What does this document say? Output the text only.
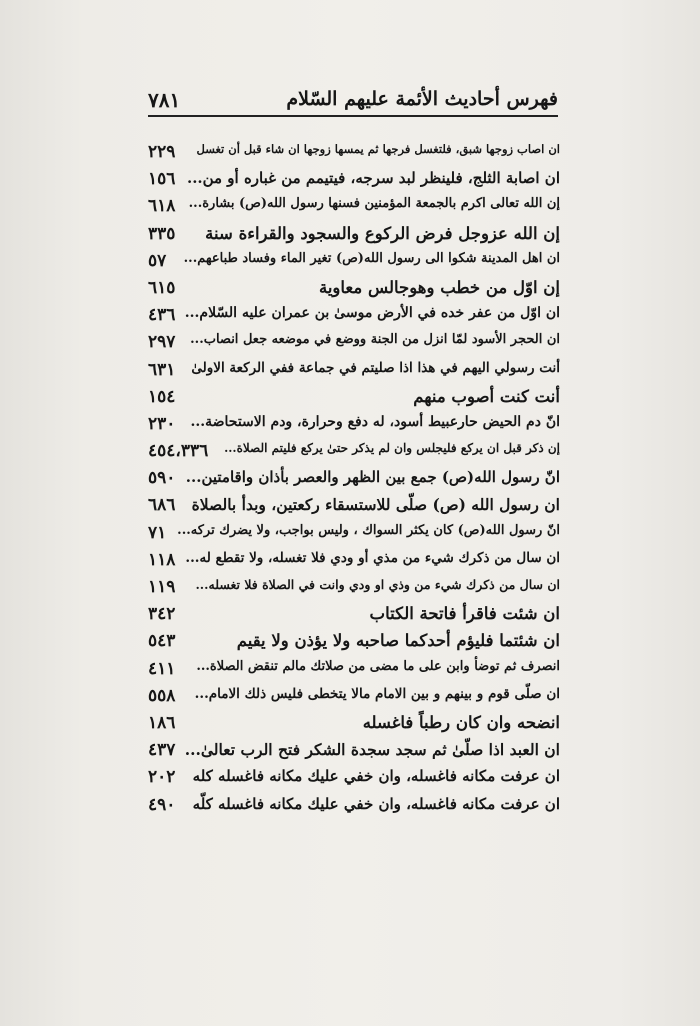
فهرس أحاديث الأئمة عليهم السّلام
٧٨١
ان اصاب زوجها شبق، فلتغسل فرجها ثم يمسها زوجها ان شاء قبل أن تغسل
٢٢٩
ان اصابة الثلج، فلينظر لبد سرجه، فيتيمم من غباره أو من...
١٥٦
إن الله تعالى اكرم بالجمعة المؤمنين فسنها رسول الله(ص) بشارة...
٦١٨
إن الله عزوجل فرض الركوع والسجود والقراءة سنة
٣٣٥
ان اهل المدينة شكوا الى رسول الله(ص) تغير الماء وفساد طباعهم...
٥٧
إن اوّل من خطب وهوجالس معاوية
٦١٥
ان اوّل من عفر خده في الأرض موسىٰ بن عمران عليه السّلام...
٤٣٦
ان الحجر الأسود لمّا انزل من الجنة ووضع في موضعه جعل انصاب...
٢٩٧
أنت رسولي اليهم في هذا اذا صليتم في جماعة ففي الركعة الاولىٰ
٦٣١
أنت كنت أصوب منهم
١٥٤
انّ دم الحيض حارعبيط أسود، له دفع وحرارة، ودم الاستحاضة...
٢٣٠
إن ذكر قبل ان يركع فليجلس وان لم يذكر حتىٰ يركع فليتم الصلاة...
٤٥٤،٣٣٦
انّ رسول الله(ص) جمع بين الظهر والعصر بأذان واقامتين...
٥٩٠
ان رسول الله (ص) صلّى للاستسقاء ركعتين، وبدأ بالصلاة
٦٨٦
انّ رسول الله(ص) كان يكثر السواك ، وليس بواجب، ولا يضرك تركه...
٧١
ان سال من ذكرك شيء من مذي أو ودي فلا تغسله، ولا تقطع له...
١١٨
ان سال من ذكرك شيء من وذي او ودي وانت في الصلاة فلا تغسله...
١١٩
ان شئت فاقرأ فاتحة الكتاب
٣٤٢
ان شئتما فليؤم أحدكما صاحبه ولا يؤذن ولا يقيم
٥٤٣
انصرف ثم توضأ وابن على ما مضى من صلاتك مالم تنقض الصلاة...
٤١١
ان صلّى قوم و بينهم و بين الامام مالا يتخطى فليس ذلك الامام...
٥٥٨
انضحه وان كان رطباً فاغسله
١٨٦
ان العبد اذا صلّىٰ ثم سجد سجدة الشكر فتح الرب تعالىٰ...
٤٣٧
ان عرفت مكانه فاغسله، وان خفي عليك مكانه فاغسله كله
٢٠٢
ان عرفت مكانه فاغسله، وان خفي عليك مكانه فاغسله كلّه
٤٩٠
